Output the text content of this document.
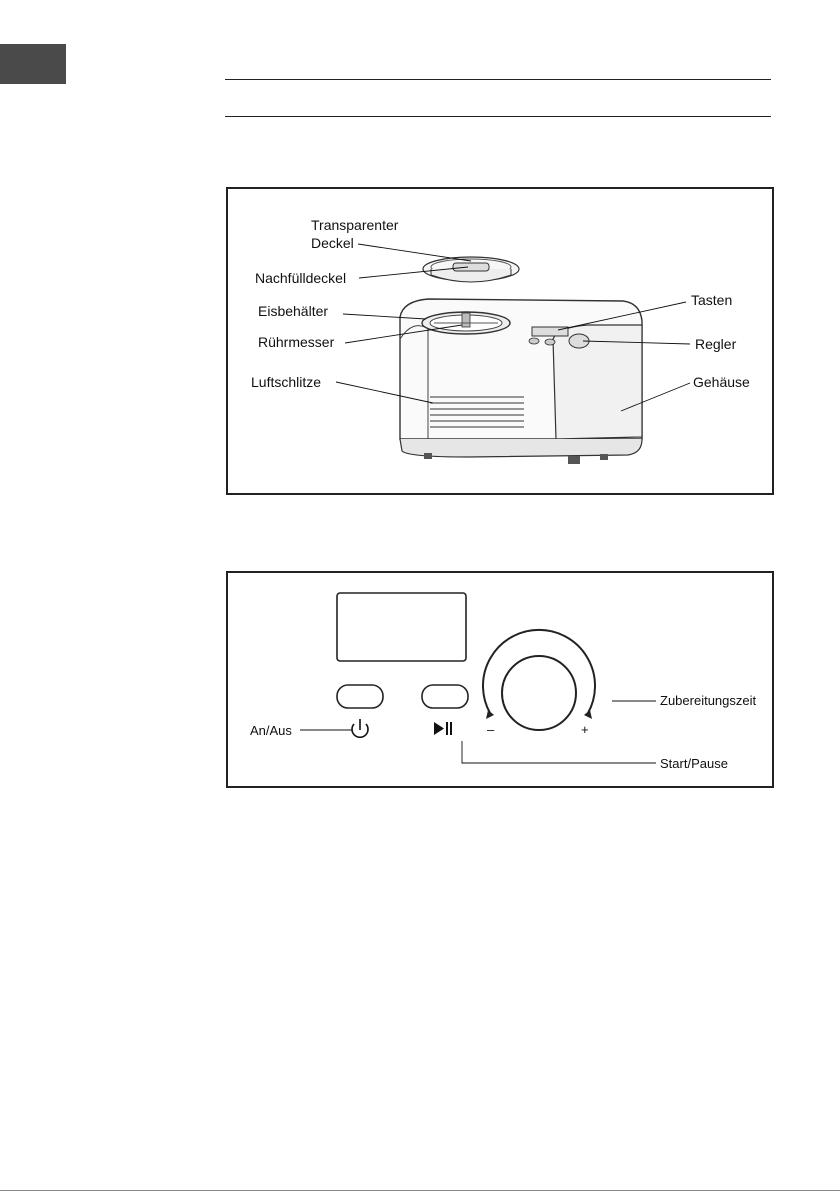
Transparenter
Deckel
Nachfülldeckel
Eisbehälter
Rührmesser
Luftschlitze
Tasten
Regler
Gehäuse
–	+
An/Aus
Zubereitungszeit
Start/Pause
